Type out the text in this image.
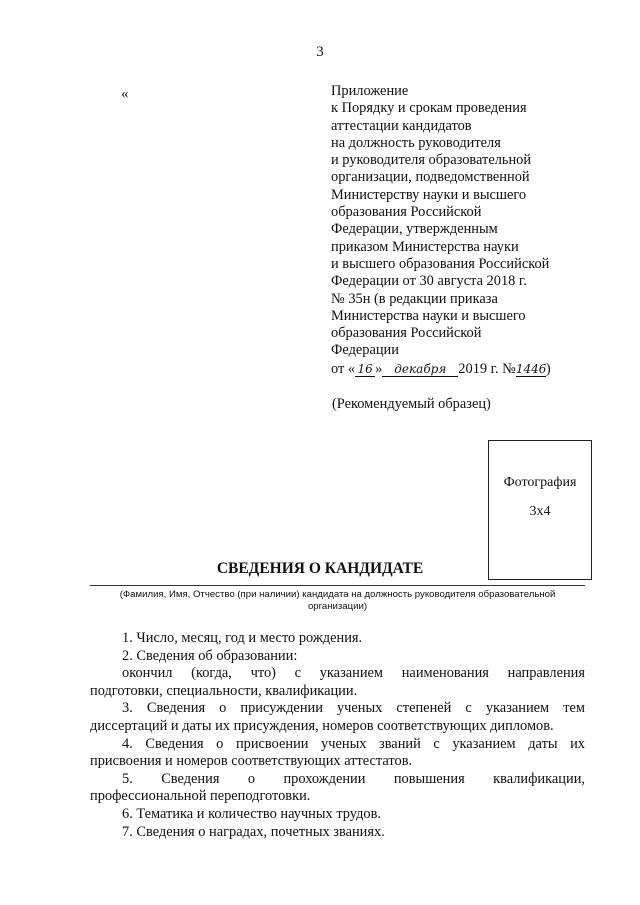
3
«	Приложение
к Порядку и срокам проведения
аттестации кандидатов
на должность руководителя
и руководителя образовательной
организации, подведомственной
Министерству науки и высшего
образования Российской
Федерации, утвержденным
приказом Министерства науки
и высшего образования Российской
Федерации от 30 августа 2018 г.
№ 35н (в редакции приказа
Министерства науки и высшего
образования Российской
Федерации
от « 16 » декабря 2019 г. №1446)
(Рекомендуемый образец)
Фотография
3х4
СВЕДЕНИЯ О КАНДИДАТЕ
(Фамилия, Имя, Отчество (при наличии) кандидата на должность руководителя образовательной
организации)
1. Число, месяц, год и место рождения.
2. Сведения об образовании:
окончил (когда, что) с указанием наименования направления
подготовки, специальности, квалификации.
3. Сведения о присуждении ученых степеней с указанием тем
диссертаций и даты их присуждения, номеров соответствующих дипломов.
4. Сведения о присвоении ученых званий с указанием даты их
присвоения и номеров соответствующих аттестатов.
5. Сведения о прохождении повышения квалификации,
профессиональной переподготовки.
6. Тематика и количество научных трудов.
7. Сведения о наградах, почетных званиях.
